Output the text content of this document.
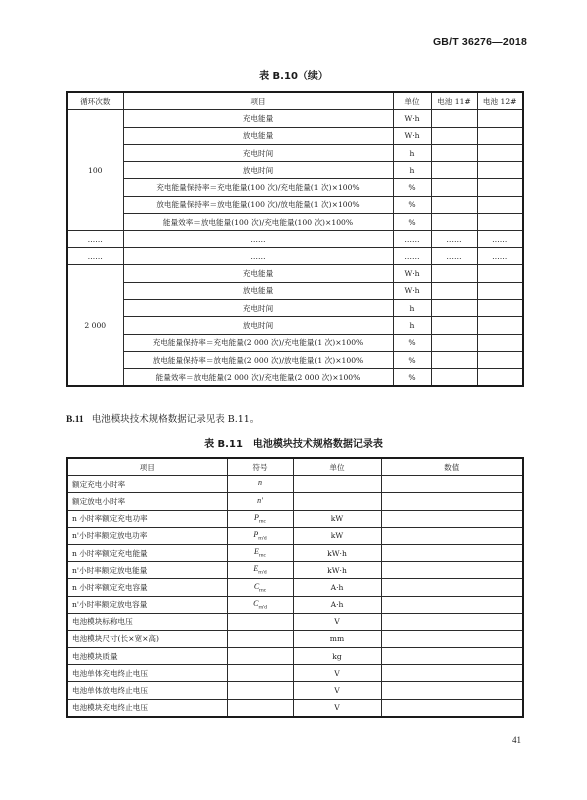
GB/T 36276—2018
表 B.10（续）
循环次数	项目	单位	电池 11#	电池 12#
100	充电能量	W·h		
	放电能量	W·h		
	充电时间	h		
	放电时间	h		
	充电能量保持率＝充电能量(100 次)/充电能量(1 次)×100%	%		
	放电能量保持率＝放电能量(100 次)/放电能量(1 次)×100%	%		
	能量效率＝放电能量(100 次)/充电能量(100 次)×100%	%		
……	……	……	……	……
……	……	……	……	……
2 000	充电能量	W·h		
	放电能量	W·h		
	充电时间	h		
	放电时间	h		
	充电能量保持率＝充电能量(2 000 次)/充电能量(1 次)×100%	%		
	放电能量保持率＝放电能量(2 000 次)/放电能量(1 次)×100%	%		
	能量效率＝放电能量(2 000 次)/充电能量(2 000 次)×100%	%		
B.11 电池模块技术规格数据记录见表 B.11。
表 B.11　电池模块技术规格数据记录表
项目	符号	单位	数值
额定充电小时率	n		
额定放电小时率	n'		
n 小时率额定充电功率	$P_{rnc}$	kW	
n'小时率额定放电功率	$P_{rn'd}$	kW	
n 小时率额定充电能量	$E_{rnc}$	kW·h	
n'小时率额定放电能量	$E_{rn'd}$	kW·h	
n 小时率额定充电容量	$C_{rnc}$	A·h	
n'小时率额定放电容量	$C_{rn'd}$	A·h	
电池模块标称电压		V	
电池模块尺寸(长×宽×高)		mm	
电池模块质量		kg	
电池单体充电终止电压		V	
电池单体放电终止电压		V	
电池模块充电终止电压		V	
41
